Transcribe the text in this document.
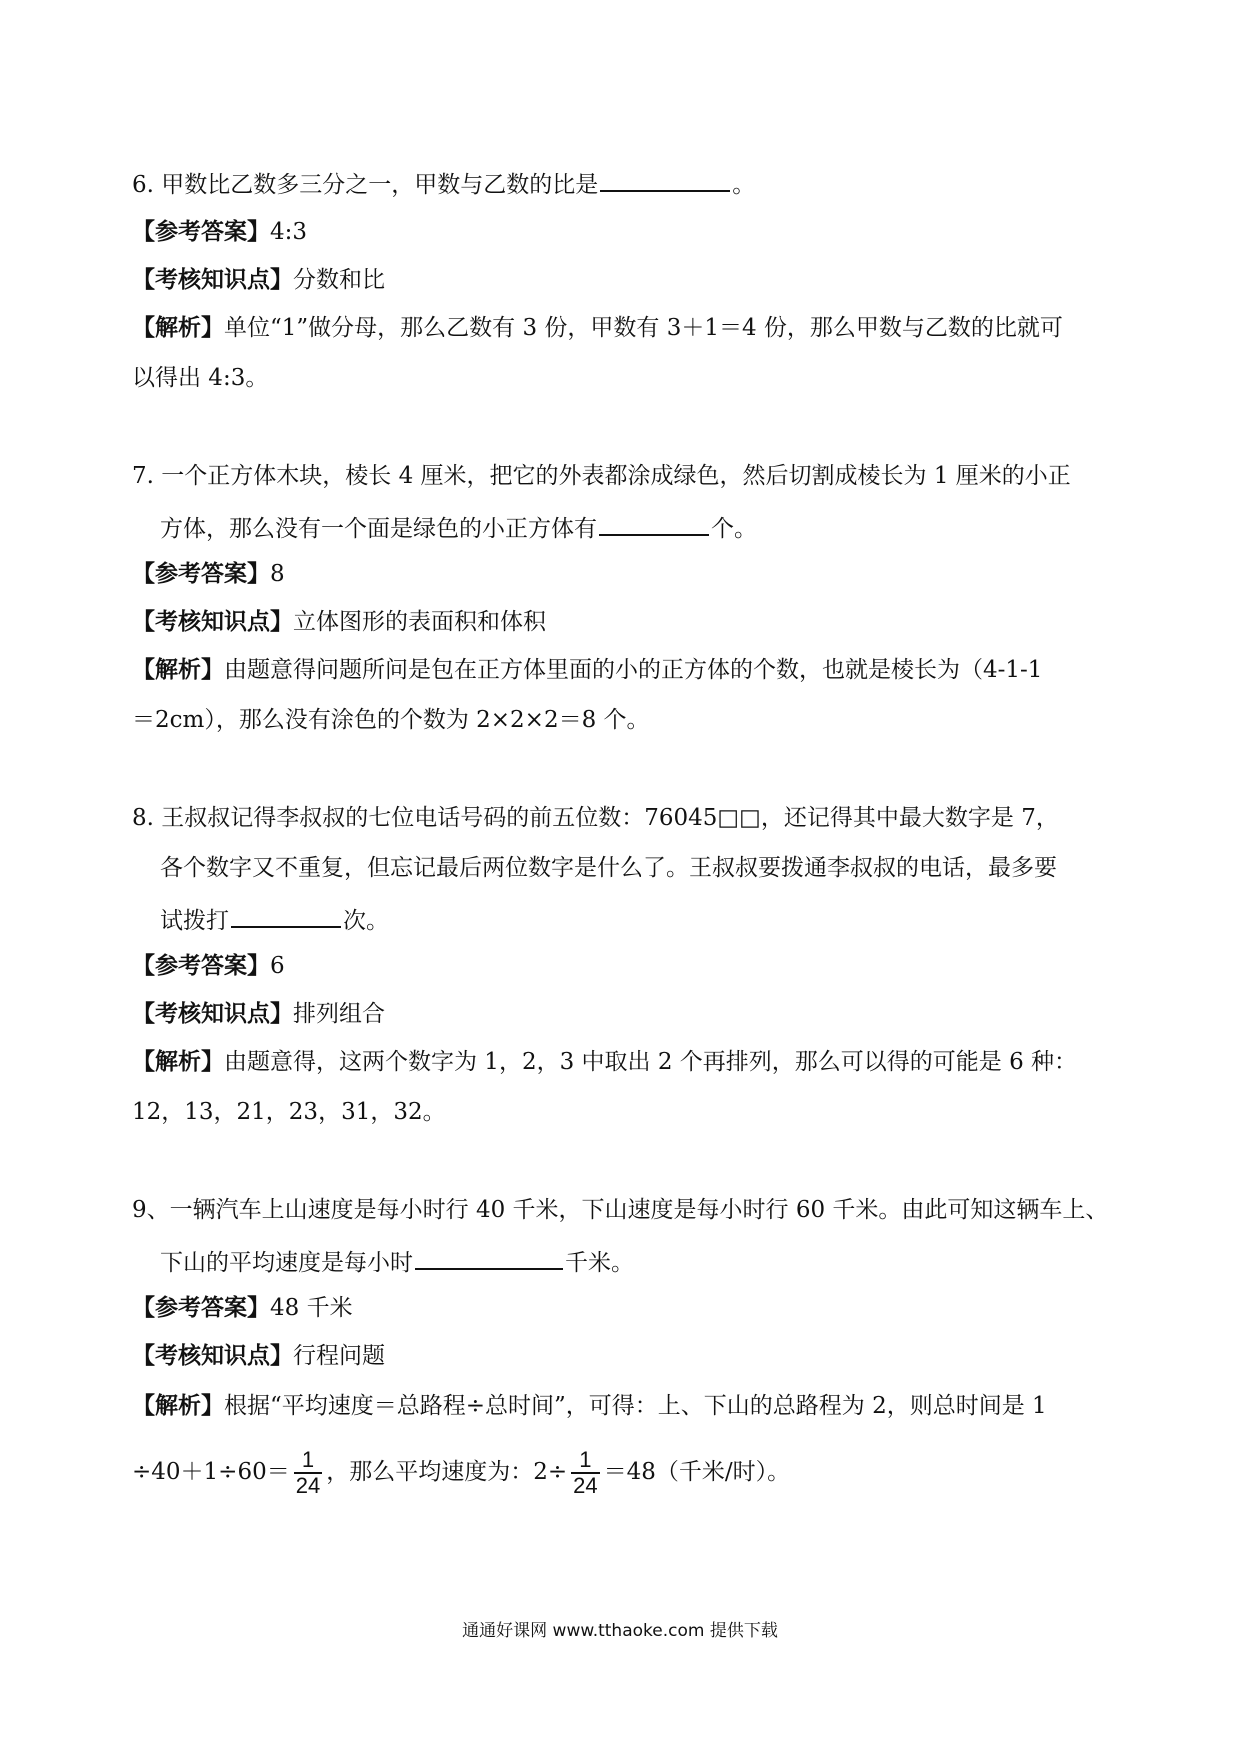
6. 甲数比乙数多三分之一，甲数与乙数的比是	。
【参考答案】4:3
【考核知识点】分数和比
【解析】单位“1”做分母，那么乙数有 3 份，甲数有 3＋1＝4 份，那么甲数与乙数的比就可
以得出 4:3。
7. 一个正方体木块，棱长 4 厘米，把它的外表都涂成绿色，然后切割成棱长为 1 厘米的小正
方体，那么没有一个面是绿色的小正方体有	个。
【参考答案】8
【考核知识点】立体图形的表面积和体积
【解析】由题意得问题所问是包在正方体里面的小的正方体的个数，也就是棱长为（4-1-1
＝2cm），那么没有涂色的个数为 2×2×2＝8 个。
8. 王叔叔记得李叔叔的七位电话号码的前五位数：76045□□，还记得其中最大数字是 7，
各个数字又不重复，但忘记最后两位数字是什么了。王叔叔要拨通李叔叔的电话，最多要
试拨打	次。
【参考答案】6
【考核知识点】排列组合
【解析】由题意得，这两个数字为 1，2，3 中取出 2 个再排列，那么可以得的可能是 6 种：
12，13，21，23，31，32。
9、一辆汽车上山速度是每小时行 40 千米，下山速度是每小时行 60 千米。由此可知这辆车上、
下山的平均速度是每小时	千米。
【参考答案】48 千米
【考核知识点】行程问题
【解析】根据“平均速度＝总路程÷总时间”，可得：上、下山的总路程为 2，则总时间是 1
$\div 40+1\div 60= \frac{1}{24}$ ，那么平均速度为：$2\div \frac{1}{24} =48$（千米/时）。
通通好课网 www.tthaoke.com 提供下载
